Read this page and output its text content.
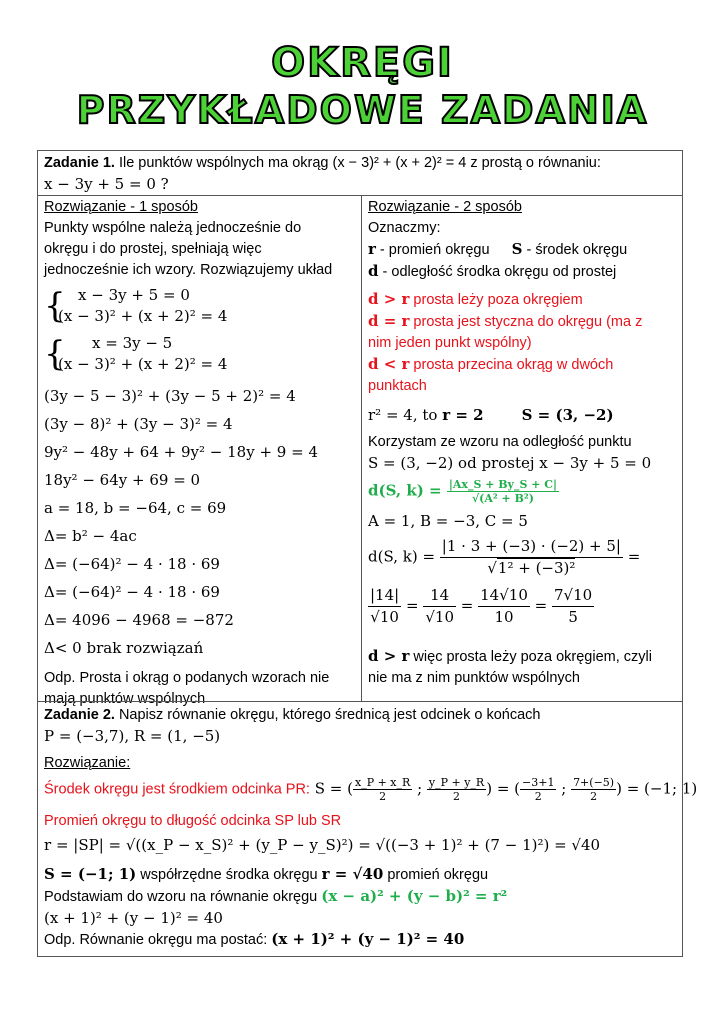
OKRĘGI
PRZYKŁADOWE ZADANIA
Zadanie 1. Ile punktów wspólnych ma okrąg (x − 3)² + (x + 2)² = 4 z prostą o równaniu:
x − 3y + 5 = 0 ?
Rozwiązanie - 1 sposób
Punkty wspólne należą jednocześnie do
okręgu i do prostej, spełniają więc
jednocześnie ich wzory. Rozwiązujemy układ
{ x − 3y + 5 = 0
(x − 3)² + (x + 2)² = 4
{	x = 3y − 5
(x − 3)² + (x + 2)² = 4
(3y − 5 − 3)² + (3y − 5 + 2)² = 4
(3y − 8)² + (3y − 3)² = 4
9y² − 48y + 64 + 9y² − 18y + 9 = 4
18y² − 64y + 69 = 0
a = 18, b = −64, c = 69
Δ= b² − 4ac
Δ= (−64)² − 4 · 18 · 69
Δ= (−64)² − 4 · 18 · 69
Δ= 4096 − 4968 = −872
Δ< 0 brak rozwiązań
Odp. Prosta i okrąg o podanych wzorach nie
mają punktów wspólnych
Rozwiązanie - 2 sposób
Oznaczmy:
r - promień okręgu S - środek okręgu
d - odległość środka okręgu od prostej
d > r prosta leży poza okręgiem
d = r prosta jest styczna do okręgu (ma z
nim jeden punkt wspólny)
d < r prosta przecina okrąg w dwóch
punktach
r² = 4, to r = 2	S = (3, −2)
Korzystam ze wzoru na odległość punktu
S = (3, −2) od prostej x − 3y + 5 = 0
d(S, $k) = \frac{|Ax\_S + By\_S + C|}{\text{√(A² + B²)}}$
A = 1, B = −3, C = 5
d(S, $k) = \frac{|1 \cdot 3 + (-3) \cdot (-2) + 5|}{\text{√1² + (−3)²}}$ =
$\frac{|14|}{√10} = \frac{14}{√10} = \frac{14√10}{10} = \frac{7√10}{5}$
d > r więc prosta leży poza okręgiem, czyli
nie ma z nim punktów wspólnych
Zadanie 2. Napisz równanie okręgu, którego średnicą jest odcinek o końcach
P = (−3,7), R = (1, −5)
Rozwiązanie:
Środek okręgu jest środkiem odcinka PR: S = ( $\frac{x\_P + x\_R}{2}$ ; $\frac{y\_P + y\_R}{2}$ ) = ( $\frac{-3+1}{2}$ ; $\frac{7+(-5)}{2}$ ) = (−1; 1)
Promień okręgu to długość odcinka SP lub SR
r = |SP| = √((x_P − x_S)² + (y_P − y_S)²) = √((−3 + 1)² + (7 − 1)²) = √40
S = (−1; 1) współrzędne środka okręgu r = √40 promień okręgu
Podstawiam do wzoru na równanie okręgu (x − a)² + (y − b)² = r²
(x + 1)² + (y − 1)² = 40
Odp. Równanie okręgu ma postać: (x + 1)² + (y − 1)² = 40
